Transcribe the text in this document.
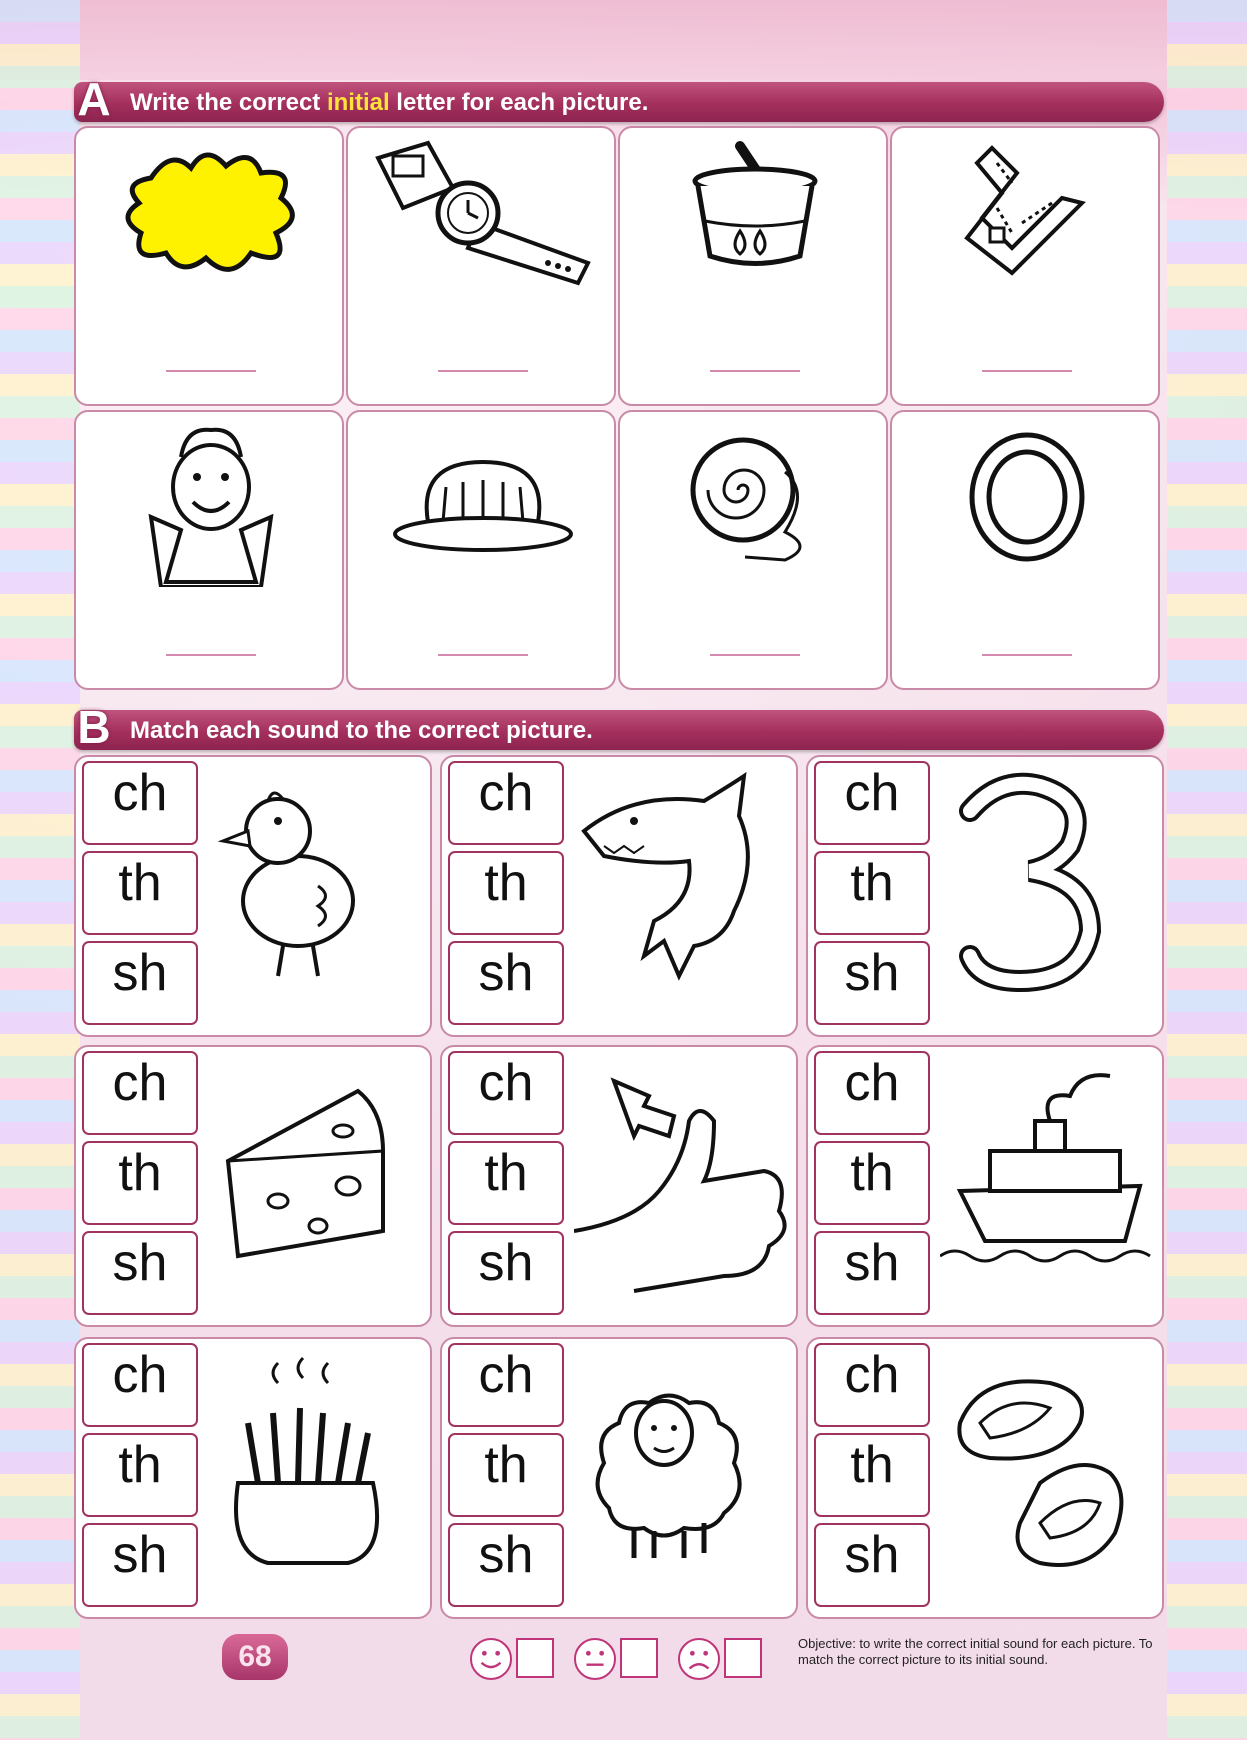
A Write the correct initial letter for each picture.
B Match each sound to the correct picture.
ch
th
sh
ch
th
sh
ch
th
sh
ch
th
sh
ch
th
sh
ch
th
sh
ch
th
sh
ch
th
sh
ch
th
sh
68	Objective: to write the correct initial sound for each picture. To match the correct picture to its initial sound.
